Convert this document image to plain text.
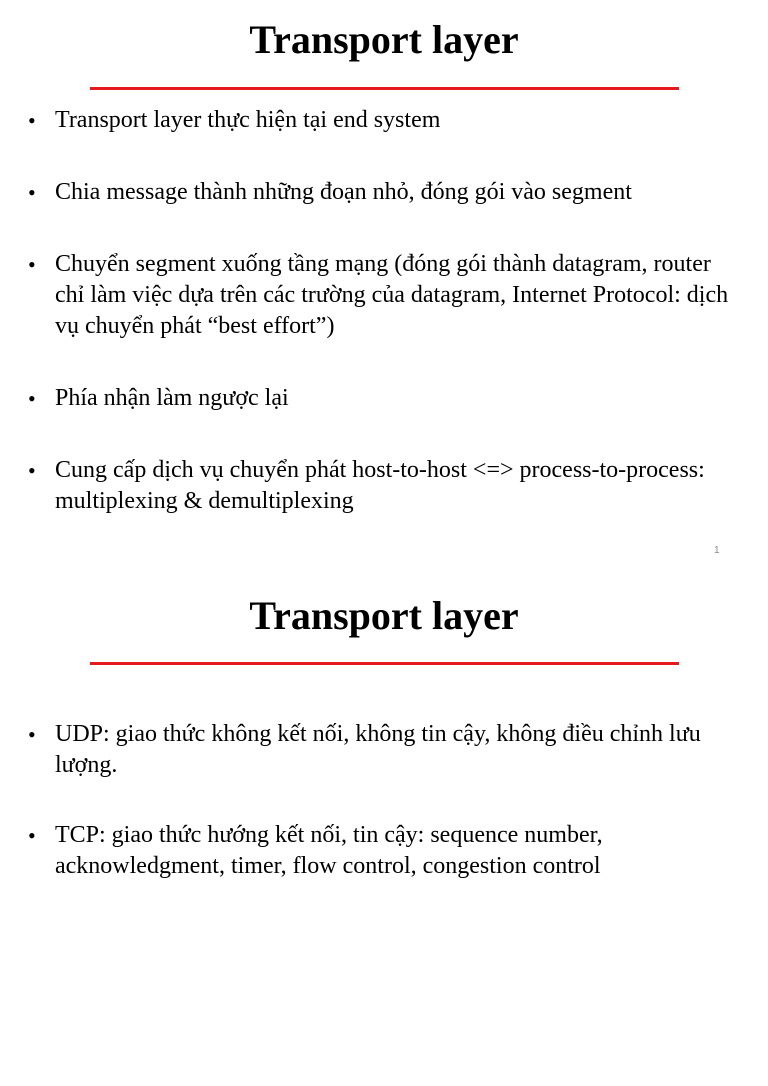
Transport layer
• Transport layer thực hiện tại end system
• Chia message thành những đoạn nhỏ, đóng gói vào segment
• Chuyển segment xuống tầng mạng (đóng gói thành datagram, router chỉ làm việc dựa trên các trường của datagram, Internet Protocol: dịch vụ chuyển phát “best effort”)
• Phía nhận làm ngược lại
• Cung cấp dịch vụ chuyển phát host-to-host <=> process-to-process: multiplexing & demultiplexing
1
Transport layer
• UDP: giao thức không kết nối, không tin cậy, không điều chỉnh lưu lượng.
• TCP: giao thức hướng kết nối, tin cậy: sequence number, acknowledgment, timer, flow control, congestion control
